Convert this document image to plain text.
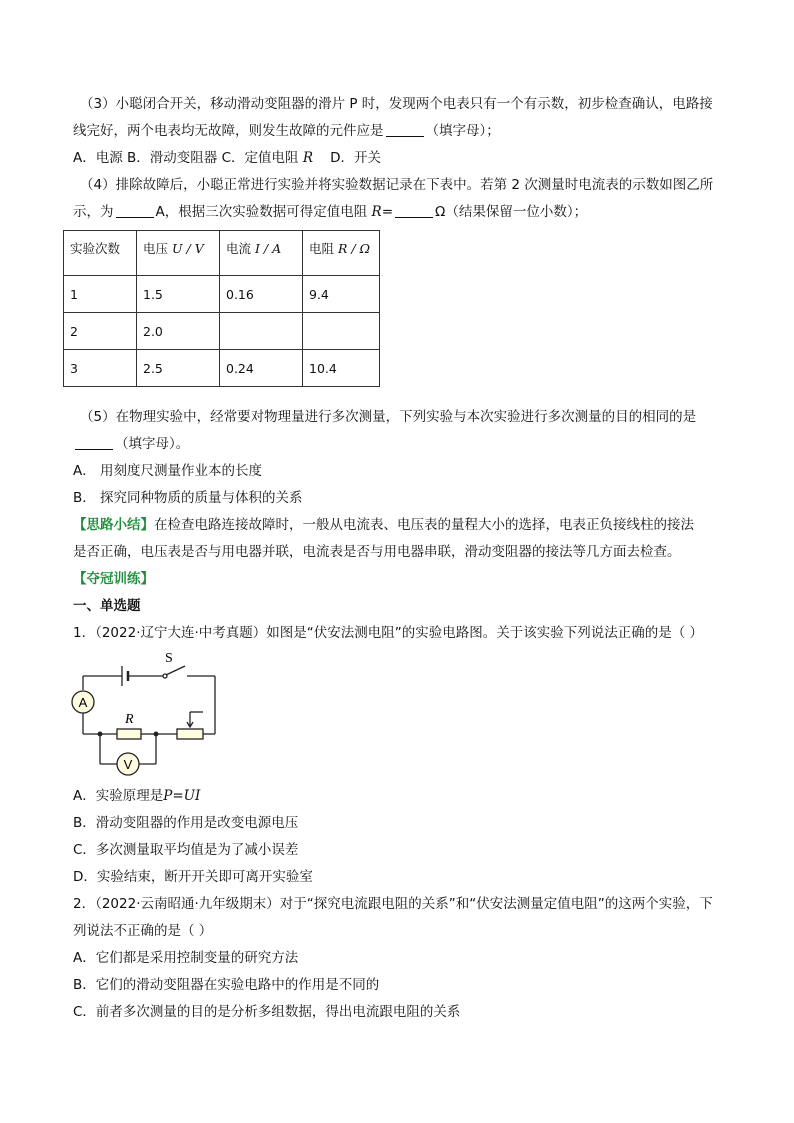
（3）小聪闭合开关，移动滑动变阻器的滑片 P 时，发现两个电表只有一个有示数，初步检查确认，电路接
线完好，两个电表均无故障，则发生故障的元件应是	（填字母）；
A．电源 B．滑动变阻器 C．定值电阻 R D．开关
（4）排除故障后，小聪正常进行实验并将实验数据记录在下表中。若第 2 次测量时电流表的示数如图乙所
示，为	A，根据三次实验数据可得定值电阻 R=	Ω（结果保留一位小数）；
实验次数	电压 U / V	电流 I / A	电阻 R / Ω
1	1.5	0.16	9.4
2	2.0		
3	2.5	0.24	10.4
（5）在物理实验中，经常要对物理量进行多次测量，下列实验与本次实验进行多次测量的目的相同的是
（填字母）。
A． 用刻度尺测量作业本的长度
B． 探究同种物质的质量与体积的关系
【思路小结】在检查电路连接故障时，一般从电流表、电压表的量程大小的选择，电表正负接线柱的接法
是否正确，电压表是否与用电器并联，电流表是否与用电器串联，滑动变阻器的接法等几方面去检查。
【夺冠训练】
一、单选题
1．（2022·辽宁大连·中考真题）如图是“伏安法测电阻”的实验电路图。关于该实验下列说法正确的是（ ）
S
A
R
V
A．实验原理是P=UI
B．滑动变阻器的作用是改变电源电压
C．多次测量取平均值是为了减小误差
D．实验结束，断开开关即可离开实验室
2．（2022·云南昭通·九年级期末）对于“探究电流跟电阻的关系”和“伏安法测量定值电阻”的这两个实验，下
列说法不正确的是（ ）
A．它们都是采用控制变量的研究方法
B．它们的滑动变阻器在实验电路中的作用是不同的
C．前者多次测量的目的是分析多组数据，得出电流跟电阻的关系
